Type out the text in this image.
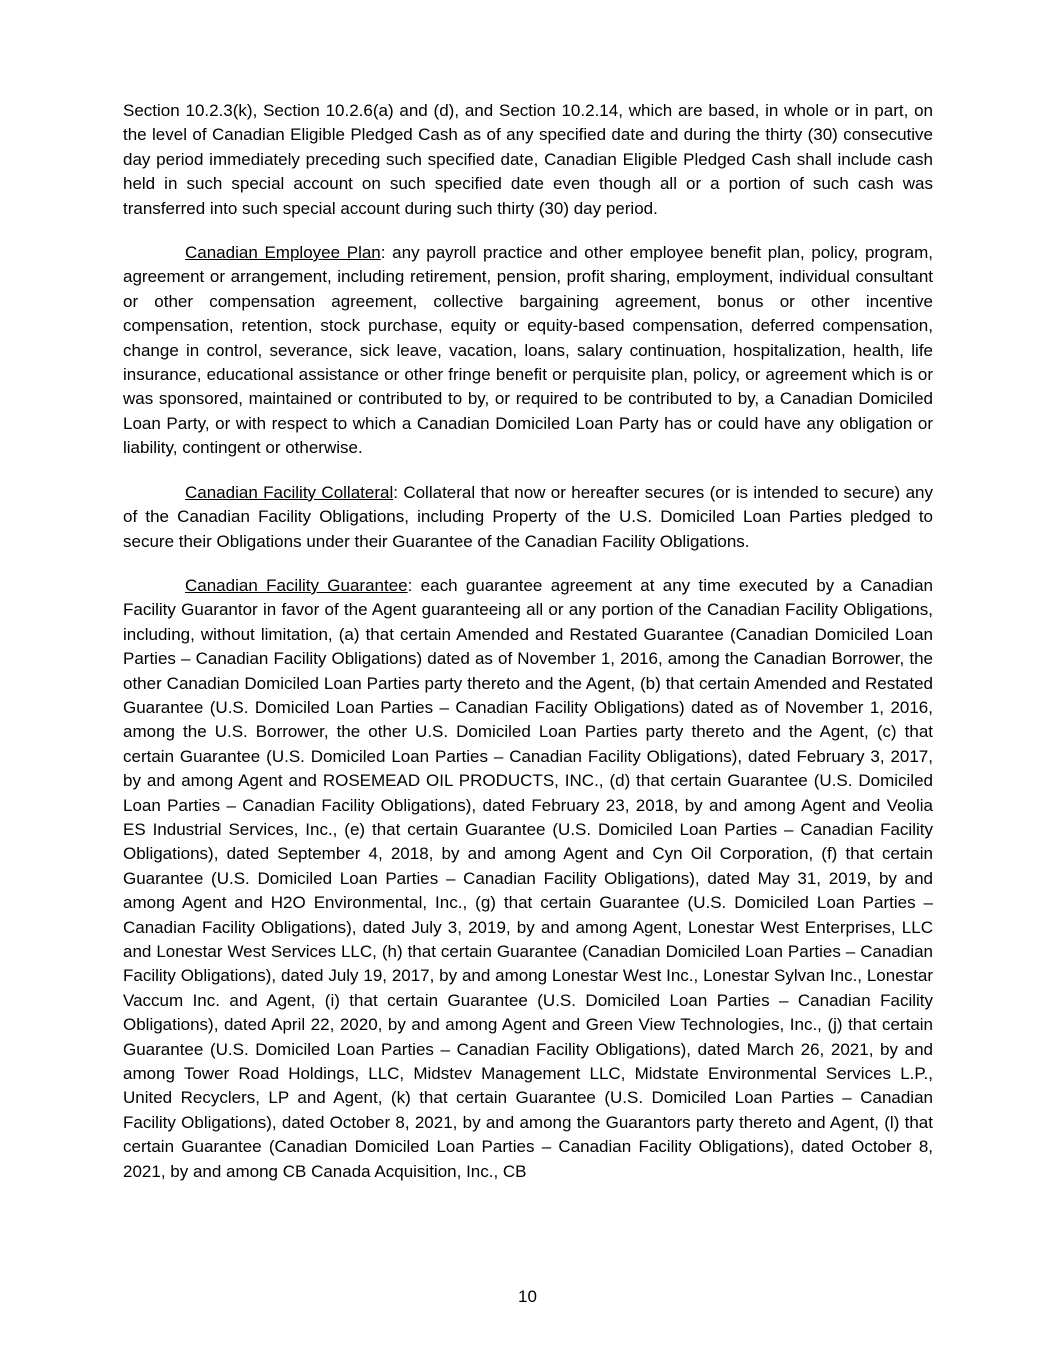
Section 10.2.3(k), Section 10.2.6(a) and (d), and Section 10.2.14, which are based, in whole or in part, on the level of Canadian Eligible Pledged Cash as of any specified date and during the thirty (30) consecutive day period immediately preceding such specified date, Canadian Eligible Pledged Cash shall include cash held in such special account on such specified date even though all or a portion of such cash was transferred into such special account during such thirty (30) day period.

Canadian Employee Plan: any payroll practice and other employee benefit plan, policy, program, agreement or arrangement, including retirement, pension, profit sharing, employment, individual consultant or other compensation agreement, collective bargaining agreement, bonus or other incentive compensation, retention, stock purchase, equity or equity-based compensation, deferred compensation, change in control, severance, sick leave, vacation, loans, salary continuation, hospitalization, health, life insurance, educational assistance or other fringe benefit or perquisite plan, policy, or agreement which is or was sponsored, maintained or contributed to by, or required to be contributed to by, a Canadian Domiciled Loan Party, or with respect to which a Canadian Domiciled Loan Party has or could have any obligation or liability, contingent or otherwise.

Canadian Facility Collateral: Collateral that now or hereafter secures (or is intended to secure) any of the Canadian Facility Obligations, including Property of the U.S. Domiciled Loan Parties pledged to secure their Obligations under their Guarantee of the Canadian Facility Obligations.

Canadian Facility Guarantee: each guarantee agreement at any time executed by a Canadian Facility Guarantor in favor of the Agent guaranteeing all or any portion of the Canadian Facility Obligations, including, without limitation, (a) that certain Amended and Restated Guarantee (Canadian Domiciled Loan Parties – Canadian Facility Obligations) dated as of November 1, 2016, among the Canadian Borrower, the other Canadian Domiciled Loan Parties party thereto and the Agent, (b) that certain Amended and Restated Guarantee (U.S. Domiciled Loan Parties – Canadian Facility Obligations) dated as of November 1, 2016, among the U.S. Borrower, the other U.S. Domiciled Loan Parties party thereto and the Agent, (c) that certain Guarantee (U.S. Domiciled Loan Parties – Canadian Facility Obligations), dated February 3, 2017, by and among Agent and ROSEMEAD OIL PRODUCTS, INC., (d) that certain Guarantee (U.S. Domiciled Loan Parties – Canadian Facility Obligations), dated February 23, 2018, by and among Agent and Veolia ES Industrial Services, Inc., (e) that certain Guarantee (U.S. Domiciled Loan Parties – Canadian Facility Obligations), dated September 4, 2018, by and among Agent and Cyn Oil Corporation, (f) that certain Guarantee (U.S. Domiciled Loan Parties – Canadian Facility Obligations), dated May 31, 2019, by and among Agent and H2O Environmental, Inc., (g) that certain Guarantee (U.S. Domiciled Loan Parties – Canadian Facility Obligations), dated July 3, 2019, by and among Agent, Lonestar West Enterprises, LLC and Lonestar West Services LLC, (h) that certain Guarantee (Canadian Domiciled Loan Parties – Canadian Facility Obligations), dated July 19, 2017, by and among Lonestar West Inc., Lonestar Sylvan Inc., Lonestar Vaccum Inc. and Agent, (i) that certain Guarantee (U.S. Domiciled Loan Parties – Canadian Facility Obligations), dated April 22, 2020, by and among Agent and Green View Technologies, Inc., (j) that certain Guarantee (U.S. Domiciled Loan Parties – Canadian Facility Obligations), dated March 26, 2021, by and among Tower Road Holdings, LLC, Midstev Management LLC, Midstate Environmental Services L.P., United Recyclers, LP and Agent, (k) that certain Guarantee (U.S. Domiciled Loan Parties – Canadian Facility Obligations), dated October 8, 2021, by and among the Guarantors party thereto and Agent, (l) that certain Guarantee (Canadian Domiciled Loan Parties – Canadian Facility Obligations), dated October 8, 2021, by and among CB Canada Acquisition, Inc., CB

10
